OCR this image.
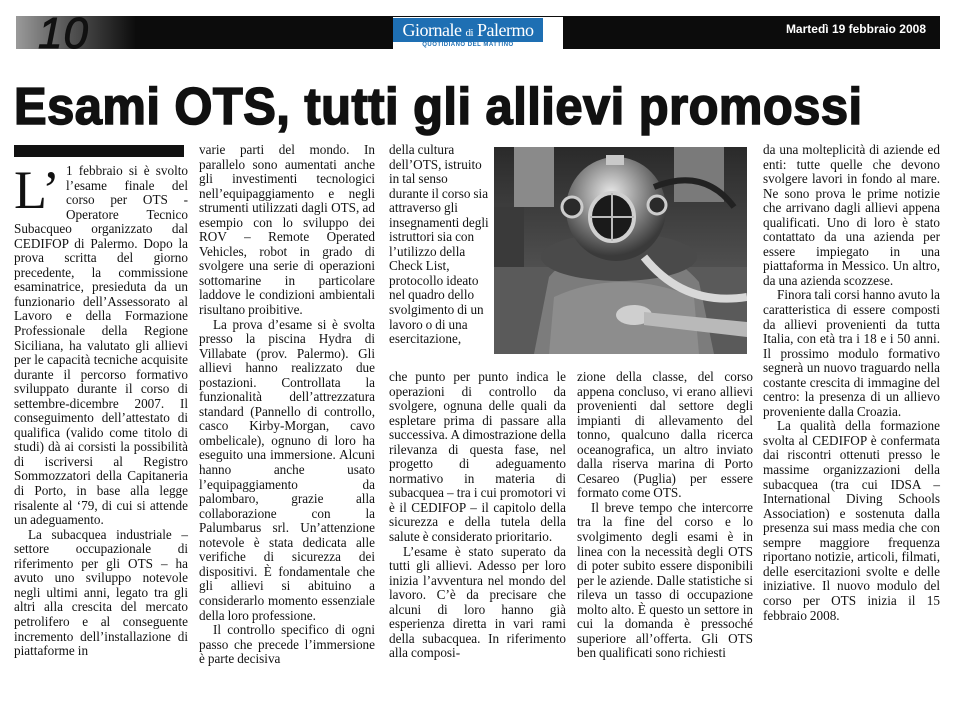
10	Giornale di Palermo
QUOTIDIANO DEL MATTINO
Martedì 19 febbraio 2008
Esami OTS, tutti gli allievi promossi

L’ 1 febbraio si è svolto l’esame finale del corso per OTS - Operatore Tecnico Subacqueo organizzato dal CEDIFOP di Palermo. Dopo la prova scritta del giorno precedente, la commissione esaminatrice, presieduta da un funzionario dell’Assessorato al Lavoro e della Formazione Professionale della Regione Siciliana, ha valutato gli allievi per le capacità tecniche acquisite durante il percorso formativo sviluppato durante il corso di settembre-dicembre 2007. Il conseguimento dell’attestato di qualifica (valido come titolo di studi) dà ai corsisti la possibilità di iscriversi al Registro Sommozzatori della Capitaneria di Porto, in base alla legge risalente al ‘79, di cui si attende un adeguamento.

La subacquea industriale – settore occupazionale di riferimento per gli OTS – ha avuto uno sviluppo notevole negli ultimi anni, legato tra gli altri alla crescita del mercato petrolifero e al conseguente incremento dell’installazione di piattaforme in

varie parti del mondo. In parallelo sono aumentati anche gli investimenti tecnologici nell’equipaggiamento e negli strumenti utilizzati dagli OTS, ad esempio con lo sviluppo dei ROV – Remote Operated Vehicles, robot in grado di svolgere una serie di operazioni sottomarine in particolare laddove le condizioni ambientali risultano proibitive.

La prova d’esame si è svolta presso la piscina Hydra di Villabate (prov. Palermo). Gli allievi hanno realizzato due postazioni. Controllata la funzionalità dell’attrezzatura standard (Pannello di controllo, casco Kirby-Morgan, cavo ombelicale), ognuno di loro ha eseguito una immersione. Alcuni hanno anche usato l’equipaggiamento da palombaro, grazie alla collaborazione con la Palumbarus srl. Un’attenzione notevole è stata dedicata alle verifiche di sicurezza dei dispositivi. È fondamentale che gli allievi si abituino a considerarlo momento essenziale della loro professione.

Il controllo specifico di ogni passo che precede l’immersione è parte decisiva

della cultura dell’OTS, istruito in tal senso durante il corso sia attraverso gli insegnamenti degli istruttori sia con l’utilizzo della Check List, protocollo ideato nel quadro dello svolgimento di un lavoro o di una esercitazione,

che punto per punto indica le operazioni di controllo da svolgere, ognuna delle quali da espletare prima di passare alla successiva. A dimostrazione della rilevanza di questa fase, nel progetto di adeguamento normativo in materia di subacquea – tra i cui promotori vi è il CEDIFOP – il capitolo della sicurezza e della tutela della salute è considerato prioritario.

L’esame è stato superato da tutti gli allievi. Adesso per loro inizia l’avventura nel mondo del lavoro. C’è da precisare che alcuni di loro hanno già esperienza diretta in vari rami della subacquea. In riferimento alla composi-

zione della classe, del corso appena concluso, vi erano allievi provenienti dal settore degli impianti di allevamento del tonno, qualcuno dalla ricerca oceanografica, un altro inviato dalla riserva marina di Porto Cesareo (Puglia) per essere formato come OTS.

Il breve tempo che intercorre tra la fine del corso e lo svolgimento degli esami è in linea con la necessità degli OTS di poter subito essere disponibili per le aziende. Dalle statistiche si rileva un tasso di occupazione molto alto. È questo un settore in cui la domanda è pressoché superiore all’offerta. Gli OTS ben qualificati sono richiesti

da una molteplicità di aziende ed enti: tutte quelle che devono svolgere lavori in fondo al mare. Ne sono prova le prime notizie che arrivano dagli allievi appena qualificati. Uno di loro è stato contattato da una azienda per essere impiegato in una piattaforma in Messico. Un altro, da una azienda scozzese.

Finora tali corsi hanno avuto la caratteristica di essere composti da allievi provenienti da tutta Italia, con età tra i 18 e i 50 anni. Il prossimo modulo formativo segnerà un nuovo traguardo nella costante crescita di immagine del centro: la presenza di un allievo proveniente dalla Croazia.

La qualità della formazione svolta al CEDIFOP è confermata dai riscontri ottenuti presso le massime organizzazioni della subacquea (tra cui IDSA – International Diving Schools Association) e sostenuta dalla presenza sui mass media che con sempre maggiore frequenza riportano notizie, articoli, filmati, delle esercitazioni svolte e delle iniziative. Il nuovo modulo del corso per OTS inizia il 15 febbraio 2008.
